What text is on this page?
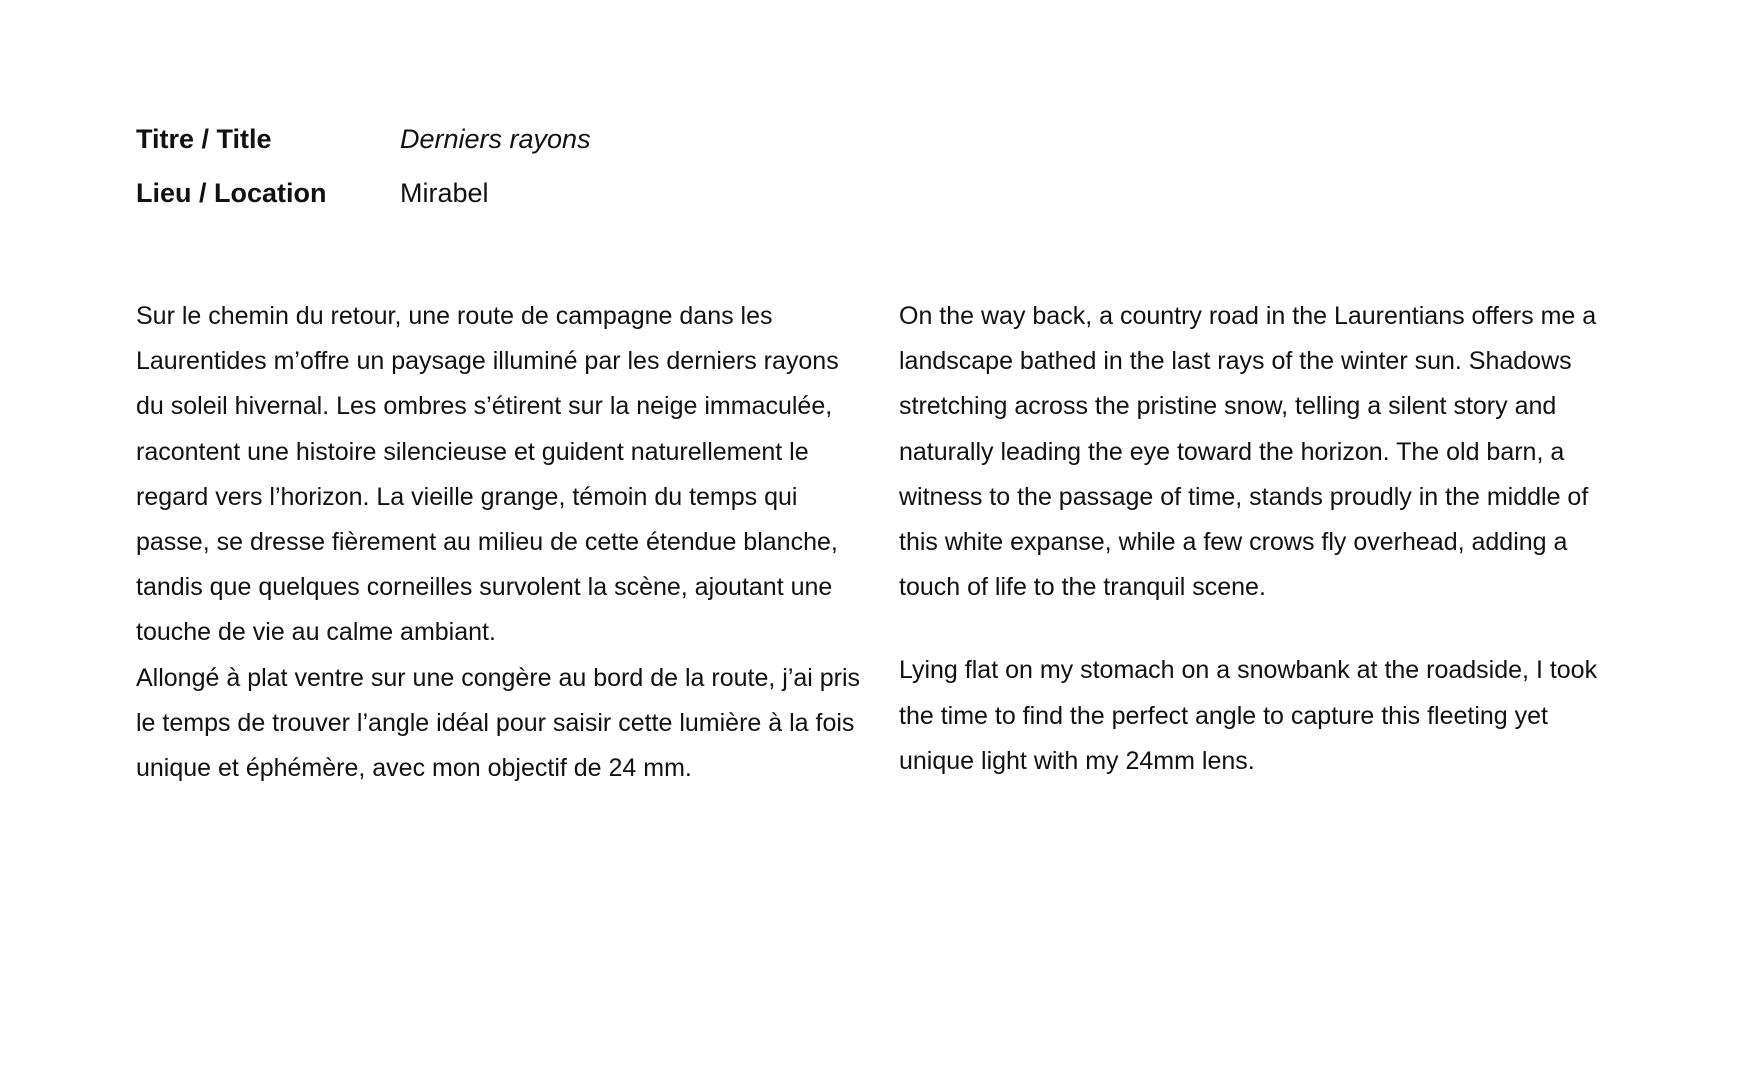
Titre / Title	Derniers rayons
Lieu / Location	Mirabel

Sur le chemin du retour, une route de campagne dans les Laurentides m’offre un paysage illuminé par les derniers rayons du soleil hivernal. Les ombres s’étirent sur la neige immaculée, racontent une histoire silencieuse et guident naturellement le regard vers l’horizon. La vieille grange, témoin du temps qui passe, se dresse fièrement au milieu de cette étendue blanche, tandis que quelques corneilles survolent la scène, ajoutant une touche de vie au calme ambiant.

Allongé à plat ventre sur une congère au bord de la route, j’ai pris le temps de trouver l’angle idéal pour saisir cette lumière à la fois unique et éphémère, avec mon objectif de 24 mm.

On the way back, a country road in the Laurentians offers me a landscape bathed in the last rays of the winter sun. Shadows stretching across the pristine snow, telling a silent story and naturally leading the eye toward the horizon. The old barn, a witness to the passage of time, stands proudly in the middle of this white expanse, while a few crows fly overhead, adding a touch of life to the tranquil scene.

Lying flat on my stomach on a snowbank at the roadside, I took the time to find the perfect angle to capture this fleeting yet unique light with my 24mm lens.
